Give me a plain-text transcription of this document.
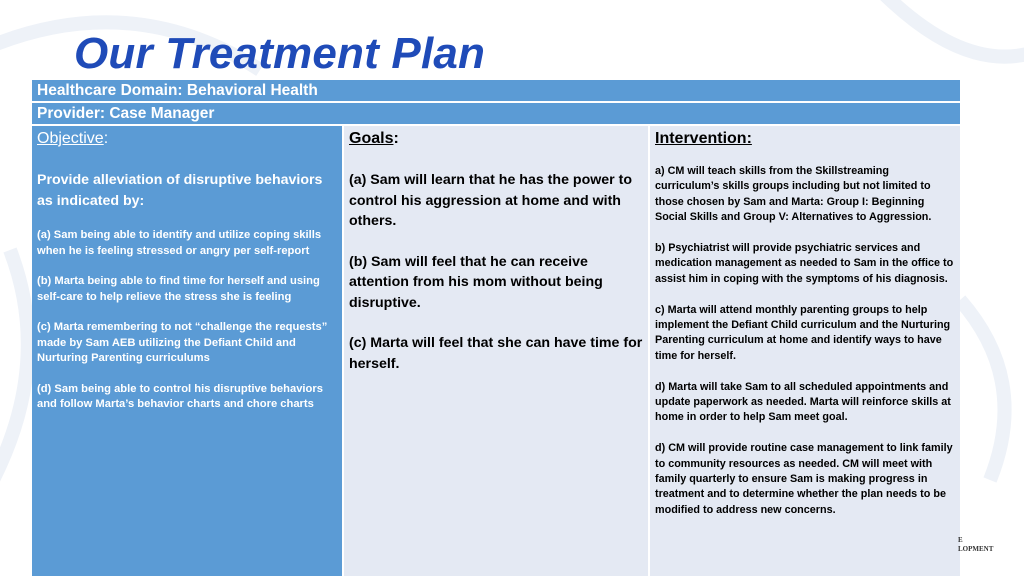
Our Treatment Plan
Healthcare Domain: Behavioral Health
Provider: Case Manager

Objective:

Provide alleviation of disruptive behaviors as indicated by:

(a) Sam being able to identify and utilize coping skills when he is feeling stressed or angry per self-report

(b) Marta being able to find time for herself and using self-care to help relieve the stress she is feeling

(c) Marta remembering to not “challenge the requests” made by Sam AEB utilizing the Defiant Child and Nurturing Parenting curriculums

(d) Sam being able to control his disruptive behaviors and follow Marta’s behavior charts and chore charts

Goals:

(a) Sam will learn that he has the power to control his aggression at home and with others.

(b) Sam will feel that he can receive attention from his mom without being disruptive.

(c) Marta will feel that she can have time for herself.

Intervention:

a) CM will teach skills from the Skillstreaming curriculum’s skills groups including but not limited to those chosen by Sam and Marta: Group I: Beginning Social Skills and Group V: Alternatives to Aggression.

b) Psychiatrist will provide psychiatric services and medication management as needed to Sam in the office to assist him in coping with the symptoms of his diagnosis.

c) Marta will attend monthly parenting groups to help implement the Defiant Child curriculum and the Nurturing Parenting curriculum at home and identify ways to have time for herself.

d) Marta will take Sam to all scheduled appointments and update paperwork as needed. Marta will reinforce skills at home in order to help Sam meet goal.

d) CM will provide routine case management to link family to community resources as needed. CM will meet with family quarterly to ensure Sam is making progress in treatment and to determine whether the plan needs to be modified to address new concerns.

E
LOPMENT
